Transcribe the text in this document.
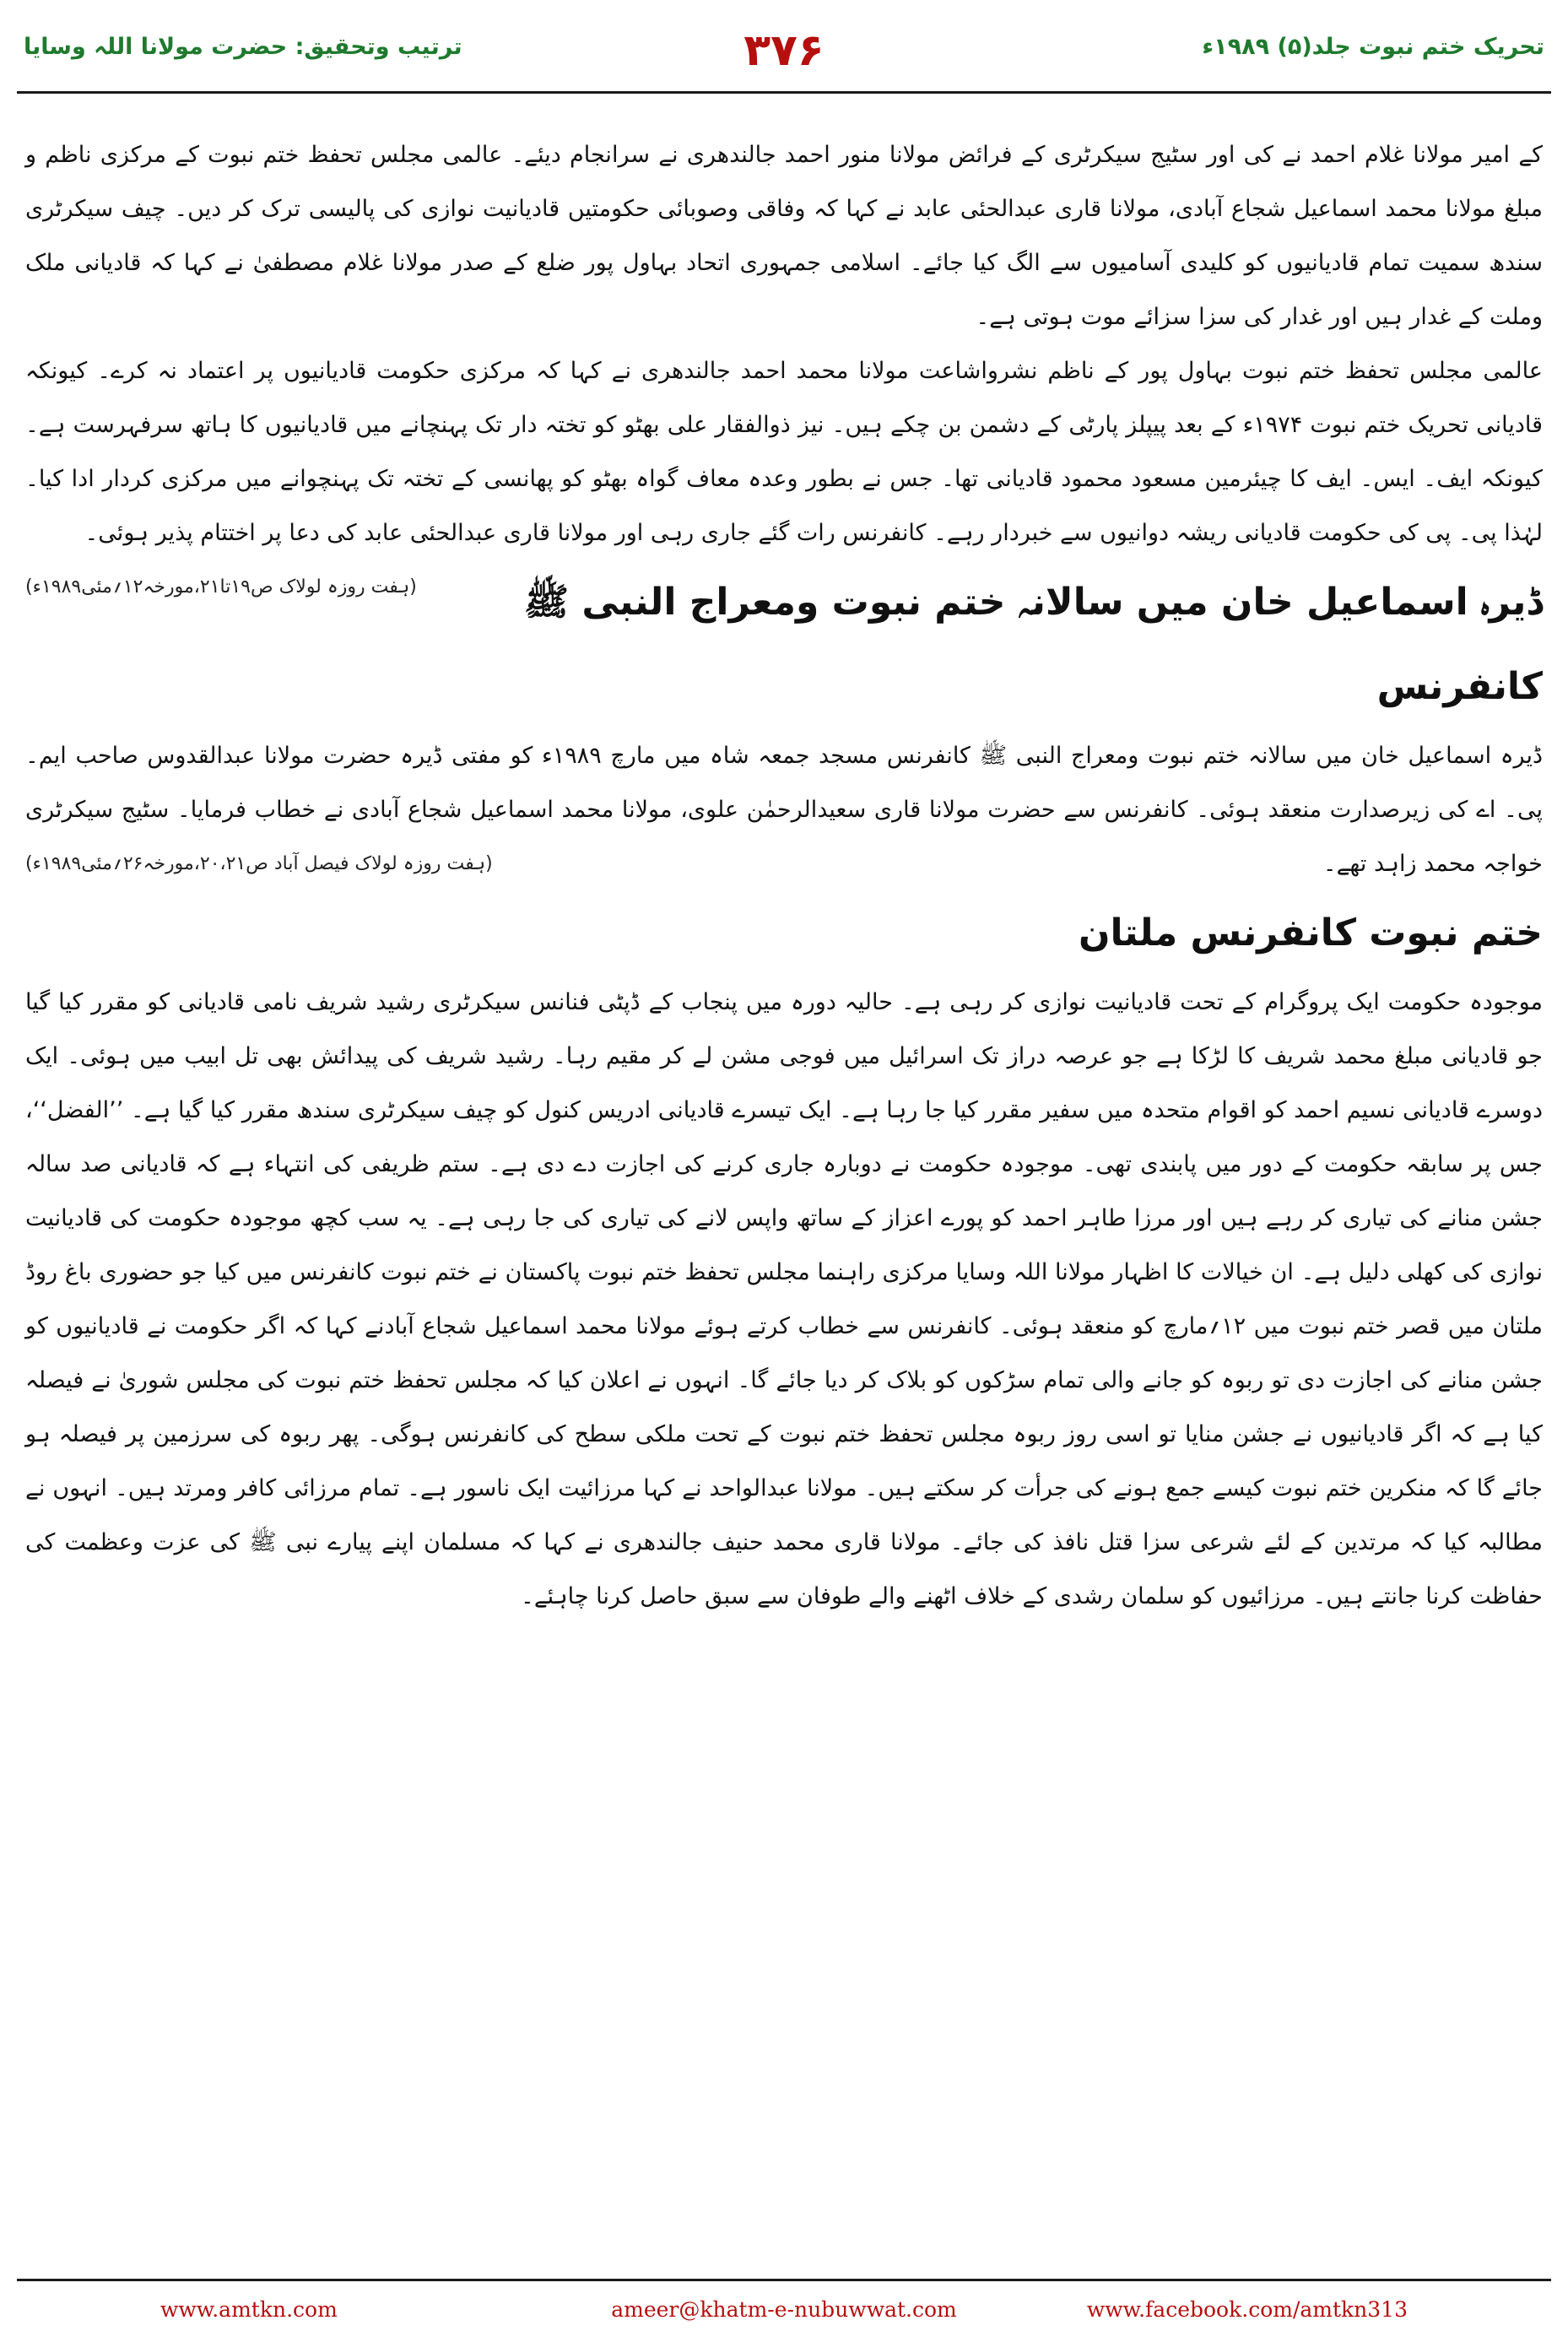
ترتیب وتحقیق: حضرت مولانا اللہ وسایا	۳۷۶	تحریک ختم نبوت جلد(۵) ۱۹۸۹ء

کے امیر مولانا غلام احمد نے کی اور سٹیج سیکرٹری کے فرائض مولانا منور احمد جالندھری نے سرانجام دیئے۔ عالمی مجلس تحفظ ختم نبوت کے مرکزی ناظم و مبلغ مولانا محمد اسماعیل شجاع آبادی، مولانا قاری عبدالحئی عابد نے کہا کہ وفاقی وصوبائی حکومتیں قادیانیت نوازی کی پالیسی ترک کر دیں۔ چیف سیکرٹری سندھ سمیت تمام قادیانیوں کو کلیدی آسامیوں سے الگ کیا جائے۔ اسلامی جمہوری اتحاد بہاول پور ضلع کے صدر مولانا غلام مصطفیٰ نے کہا کہ قادیانی ملک وملت کے غدار ہیں اور غدار کی سزا سزائے موت ہوتی ہے۔

عالمی مجلس تحفظ ختم نبوت بہاول پور کے ناظم نشرواشاعت مولانا محمد احمد جالندھری نے کہا کہ مرکزی حکومت قادیانیوں پر اعتماد نہ کرے۔ کیونکہ قادیانی تحریک ختم نبوت ۱۹۷۴ء کے بعد پیپلز پارٹی کے دشمن بن چکے ہیں۔ نیز ذوالفقار علی بھٹو کو تختہ دار تک پہنچانے میں قادیانیوں کا ہاتھ سرفہرست ہے۔ کیونکہ ایف۔ ایس۔ ایف کا چیئرمین مسعود محمود قادیانی تھا۔ جس نے بطور وعدہ معاف گواہ بھٹو کو پھانسی کے تختہ تک پہنچوانے میں مرکزی کردار ادا کیا۔ لہٰذا پی۔ پی کی حکومت قادیانی ریشہ دوانیوں سے خبردار رہے۔ کانفرنس رات گئے جاری رہی اور مولانا قاری عبدالحئی عابد کی دعا پر اختتام پذیر ہوئی۔
(ہفت روزہ لولاک ص۱۹تا۲۱،مورخہ۱۲؍مئی۱۹۸۹ء)	ڈیرہ اسماعیل خان میں سالانہ ختم نبوت ومعراج النبی ﷺ کانفرنس

ڈیرہ اسماعیل خان میں سالانہ ختم نبوت ومعراج النبی ﷺ کانفرنس مسجد جمعہ شاہ میں مارچ ۱۹۸۹ء کو مفتی ڈیرہ حضرت مولانا عبدالقدوس صاحب ایم۔ پی۔ اے کی زیرصدارت منعقد ہوئی۔ کانفرنس سے حضرت مولانا قاری سعیدالرحمٰن علوی، مولانا محمد اسماعیل شجاع آبادی نے خطاب فرمایا۔ سٹیج سیکرٹری خواجہ محمد زاہد تھے۔
(ہفت روزہ لولاک فیصل آباد ص۲۰،۲۱،مورخہ۲۶؍مئی۱۹۸۹ء)

ختم نبوت کانفرنس ملتان

موجودہ حکومت ایک پروگرام کے تحت قادیانیت نوازی کر رہی ہے۔ حالیہ دورہ میں پنجاب کے ڈپٹی فنانس سیکرٹری رشید شریف نامی قادیانی کو مقرر کیا گیا جو قادیانی مبلغ محمد شریف کا لڑکا ہے جو عرصہ دراز تک اسرائیل میں فوجی مشن لے کر مقیم رہا۔ رشید شریف کی پیدائش بھی تل ابیب میں ہوئی۔ ایک دوسرے قادیانی نسیم احمد کو اقوام متحدہ میں سفیر مقرر کیا جا رہا ہے۔ ایک تیسرے قادیانی ادریس کنول کو چیف سیکرٹری سندھ مقرر کیا گیا ہے۔ ’’الفضل‘‘، جس پر سابقہ حکومت کے دور میں پابندی تھی۔ موجودہ حکومت نے دوبارہ جاری کرنے کی اجازت دے دی ہے۔ ستم ظریفی کی انتہاء ہے کہ قادیانی صد سالہ جشن منانے کی تیاری کر رہے ہیں اور مرزا طاہر احمد کو پورے اعزاز کے ساتھ واپس لانے کی تیاری کی جا رہی ہے۔ یہ سب کچھ موجودہ حکومت کی قادیانیت نوازی کی کھلی دلیل ہے۔ ان خیالات کا اظہار مولانا اللہ وسایا مرکزی راہنما مجلس تحفظ ختم نبوت پاکستان نے ختم نبوت کانفرنس میں کیا جو حضوری باغ روڈ ملتان میں قصر ختم نبوت میں ۱۲؍مارچ کو منعقد ہوئی۔ کانفرنس سے خطاب کرتے ہوئے مولانا محمد اسماعیل شجاع آبادنے کہا کہ اگر حکومت نے قادیانیوں کو جشن منانے کی اجازت دی تو ربوہ کو جانے والی تمام سڑکوں کو بلاک کر دیا جائے گا۔ انہوں نے اعلان کیا کہ مجلس تحفظ ختم نبوت کی مجلس شوریٰ نے فیصلہ کیا ہے کہ اگر قادیانیوں نے جشن منایا تو اسی روز ربوہ مجلس تحفظ ختم نبوت کے تحت ملکی سطح کی کانفرنس ہوگی۔ پھر ربوہ کی سرزمین پر فیصلہ ہو جائے گا کہ منکرین ختم نبوت کیسے جمع ہونے کی جرأت کر سکتے ہیں۔ مولانا عبدالواحد نے کہا مرزائیت ایک ناسور ہے۔ تمام مرزائی کافر ومرتد ہیں۔ انہوں نے مطالبہ کیا کہ مرتدین کے لئے شرعی سزا قتل نافذ کی جائے۔ مولانا قاری محمد حنیف جالندھری نے کہا کہ مسلمان اپنے پیارے نبی ﷺ کی عزت وعظمت کی حفاظت کرنا جانتے ہیں۔ مرزائیوں کو سلمان رشدی کے خلاف اٹھنے والے طوفان سے سبق حاصل کرنا چاہئے۔

www.amtkn.com	ameer@khatm-e-nubuwwat.com	www.facebook.com/amtkn313
